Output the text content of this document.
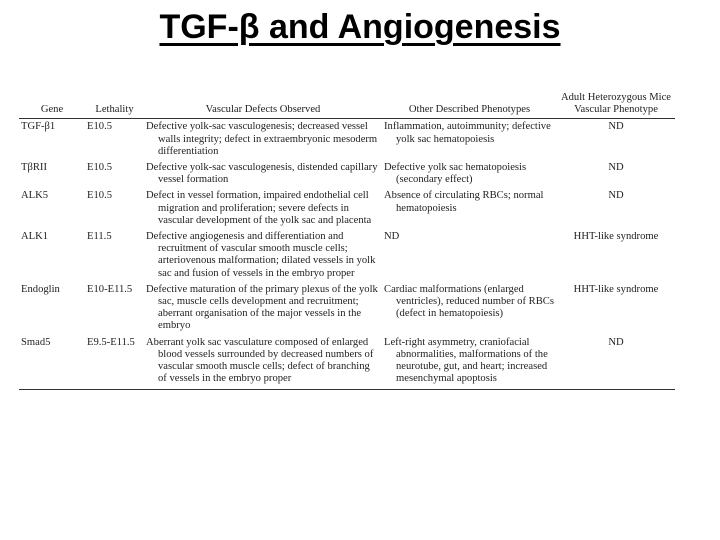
TGF-β and Angiogenesis
Gene	Lethality	Vascular Defects Observed	Other Described Phenotypes	Adult Heterozygous Mice
Vascular Phenotype

TGF-β1	E10.5	Defective yolk-sac vasculogenesis; decreased vessel walls integrity; defect in extraembryonic mesoderm differentiation	Inflammation, autoimmunity; defective yolk sac hematopoiesis	ND
TβRII	E10.5	Defective yolk-sac vasculogenesis, distended capillary vessel formation	Defective yolk sac hematopoiesis (secondary effect)	ND
ALK5	E10.5	Defect in vessel formation, impaired endothelial cell migration and proliferation; severe defects in vascular development of the yolk sac and placenta	Absence of circulating RBCs; normal hematopoiesis	ND
ALK1	E11.5	Defective angiogenesis and differentiation and recruitment of vascular smooth muscle cells; arteriovenous malformation; dilated vessels in yolk sac and fusion of vessels in the embryo proper	ND	HHT-like syndrome
Endoglin	E10-E11.5	Defective maturation of the primary plexus of the yolk sac, muscle cells development and recruitment; aberrant organisation of the major vessels in the embryo	Cardiac malformations (enlarged ventricles), reduced number of RBCs (defect in hematopoiesis)	HHT-like syndrome
Smad5	E9.5-E11.5	Aberrant yolk sac vasculature composed of enlarged blood vessels surrounded by decreased numbers of vascular smooth muscle cells; defect of branching of vessels in the embryo proper	Left-right asymmetry, craniofacial abnormalities, malformations of the neurotube, gut, and heart; increased mesenchymal apoptosis	ND
